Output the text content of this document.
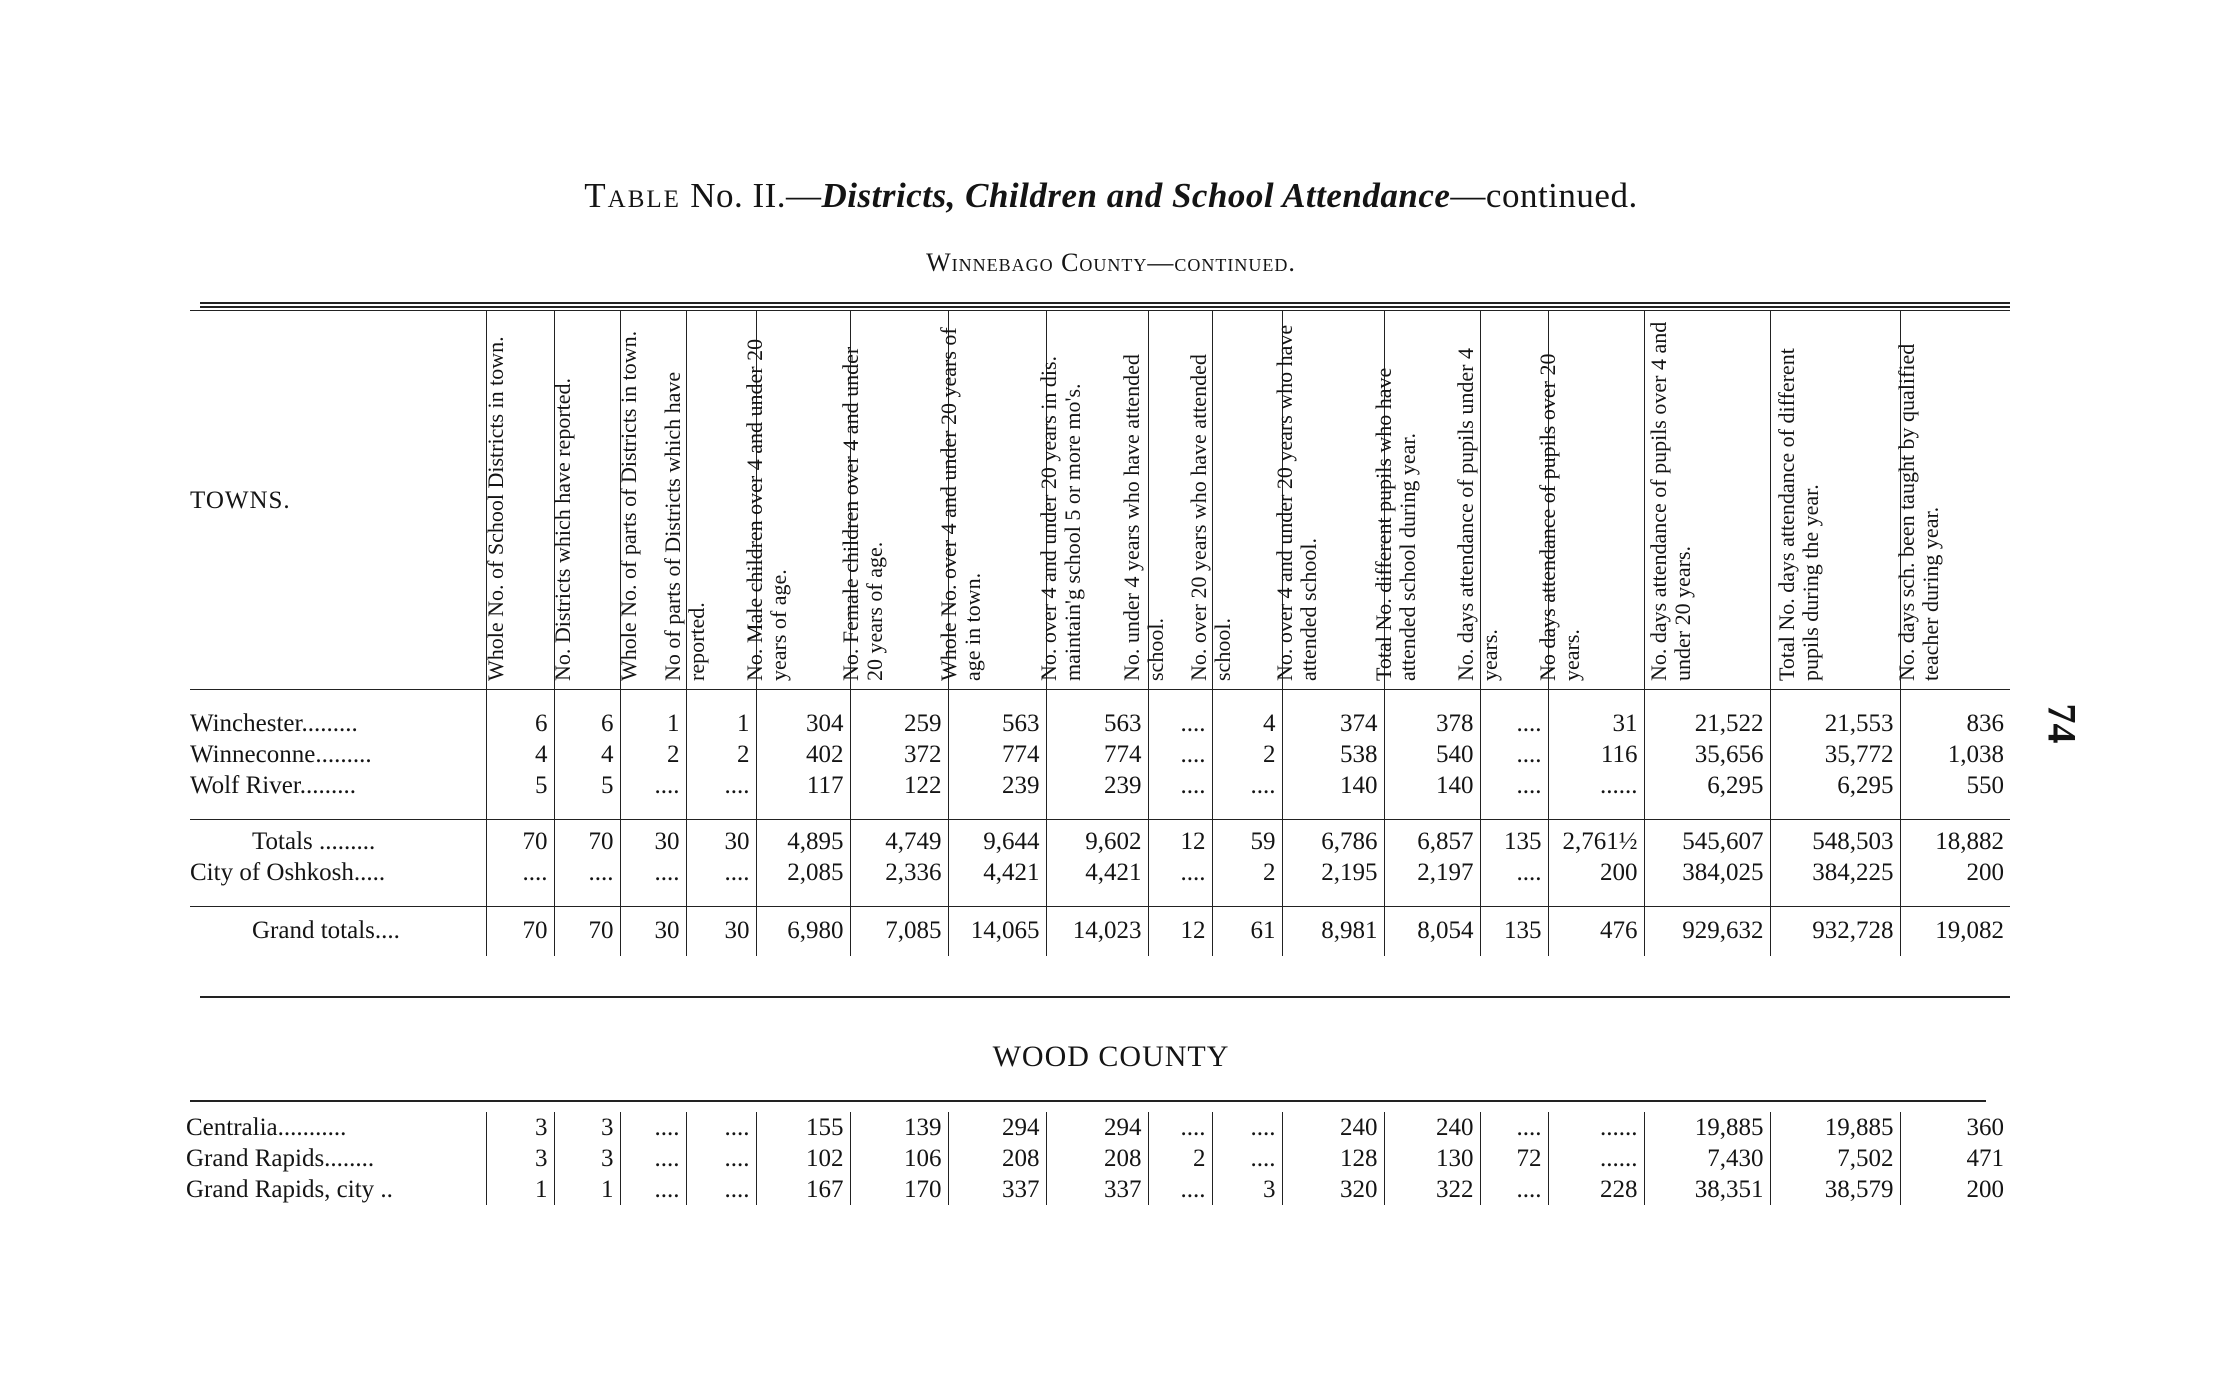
Table No. II.—Districts, Children and School Attendance—continued.
Winnebago County—continued.
TOWNS.	Whole No. of School Districts in town.	No. Districts which have reported.	Whole No. of parts of Districts in town.	No of parts of Districts which have reported.	No. Male children over 4 and under 20 years of age.	No. Female children over 4 and under 20 years of age.	Whole No. over 4 and under 20 years of age in town.	No. over 4 and under 20 years in dis. maintain'g school 5 or more mo's.	No. under 4 years who have attended school.	No. over 20 years who have attended school.	No. over 4 and under 20 years who have attended school.	Total No. different pupils who have attended school during year.	No. days attendance of pupils under 4 years.	No days attendance of pupils over 20 years.	No. days attendance of pupils over 4 and under 20 years.	Total No. days attendance of different pupils during the year.	No. days sch. been taught by qualified teacher during year.

Winchester.........	6	6	1	1	304	259	563	563	....	4	374	378	....	31	21,522	21,553	836
Winneconne.........	4	4	2	2	402	372	774	774	....	2	538	540	....	116	35,656	35,772	1,038
Wolf River.........	5	5	....	....	117	122	239	239	....	....	140	140	....	......	6,295	6,295	550

Totals .........	70	70	30	30	4,895	4,749	9,644	9,602	12	59	6,786	6,857	135	2,761½	545,607	548,503	18,882
City of Oshkosh.....	....	....	....	....	2,085	2,336	4,421	4,421	....	2	2,195	2,197	....	200	384,025	384,225	200

Grand totals....	70	70	30	30	6,980	7,085	14,065	14,023	12	61	8,981	8,054	135	476	929,632	932,728	19,082
WOOD COUNTY
Centralia...........	3	3	....	....	155	139	294	294	....	....	240	240	....	......	19,885	19,885	360
Grand Rapids........	3	3	....	....	102	106	208	208	2	....	128	130	72	......	7,430	7,502	471
Grand Rapids, city ..	1	1	....	....	167	170	337	337	....	3	320	322	....	228	38,351	38,579	200
74
